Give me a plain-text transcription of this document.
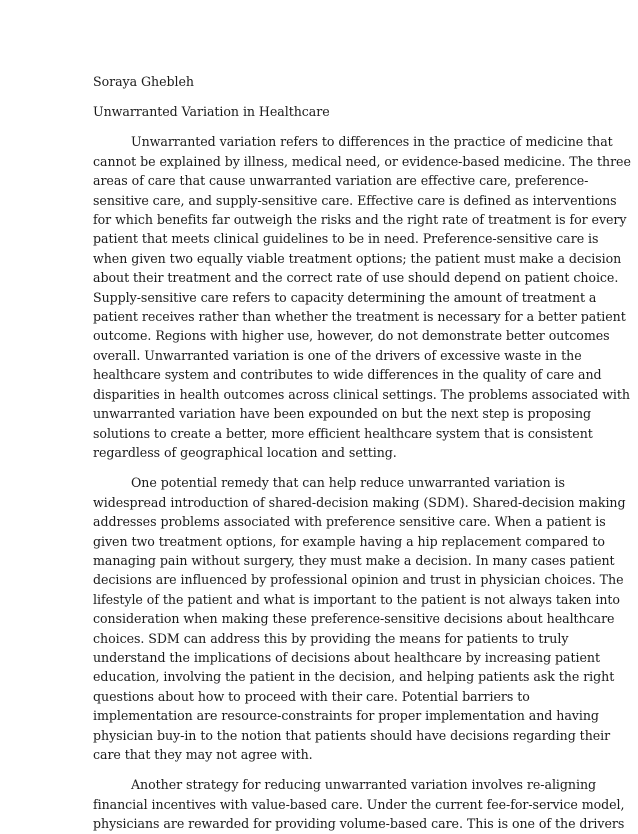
Soraya Ghebleh

Unwarranted Variation in Healthcare

Unwarranted variation refers to differences in the practice of medicine that
cannot be explained by illness, medical need, or evidence-based medicine. The three
areas of care that cause unwarranted variation are effective care, preference-
sensitive care, and supply-sensitive care. Effective care is defined as interventions
for which benefits far outweigh the risks and the right rate of treatment is for every
patient that meets clinical guidelines to be in need. Preference-sensitive care is
when given two equally viable treatment options; the patient must make a decision
about their treatment and the correct rate of use should depend on patient choice.
Supply-sensitive care refers to capacity determining the amount of treatment a
patient receives rather than whether the treatment is necessary for a better patient
outcome. Regions with higher use, however, do not demonstrate better outcomes
overall. Unwarranted variation is one of the drivers of excessive waste in the
healthcare system and contributes to wide differences in the quality of care and
disparities in health outcomes across clinical settings. The problems associated with
unwarranted variation have been expounded on but the next step is proposing
solutions to create a better, more efficient healthcare system that is consistent
regardless of geographical location and setting.
One potential remedy that can help reduce unwarranted variation is
widespread introduction of shared-decision making (SDM). Shared-decision making
addresses problems associated with preference sensitive care. When a patient is
given two treatment options, for example having a hip replacement compared to
managing pain without surgery, they must make a decision. In many cases patient
decisions are influenced by professional opinion and trust in physician choices. The
lifestyle of the patient and what is important to the patient is not always taken into
consideration when making these preference-sensitive decisions about healthcare
choices. SDM can address this by providing the means for patients to truly
understand the implications of decisions about healthcare by increasing patient
education, involving the patient in the decision, and helping patients ask the right
questions about how to proceed with their care. Potential barriers to
implementation are resource-constraints for proper implementation and having
physician buy-in to the notion that patients should have decisions regarding their
care that they may not agree with.
Another strategy for reducing unwarranted variation involves re-aligning
financial incentives with value-based care. Under the current fee-for-service model,
physicians are rewarded for providing volume-based care. This is one of the drivers
